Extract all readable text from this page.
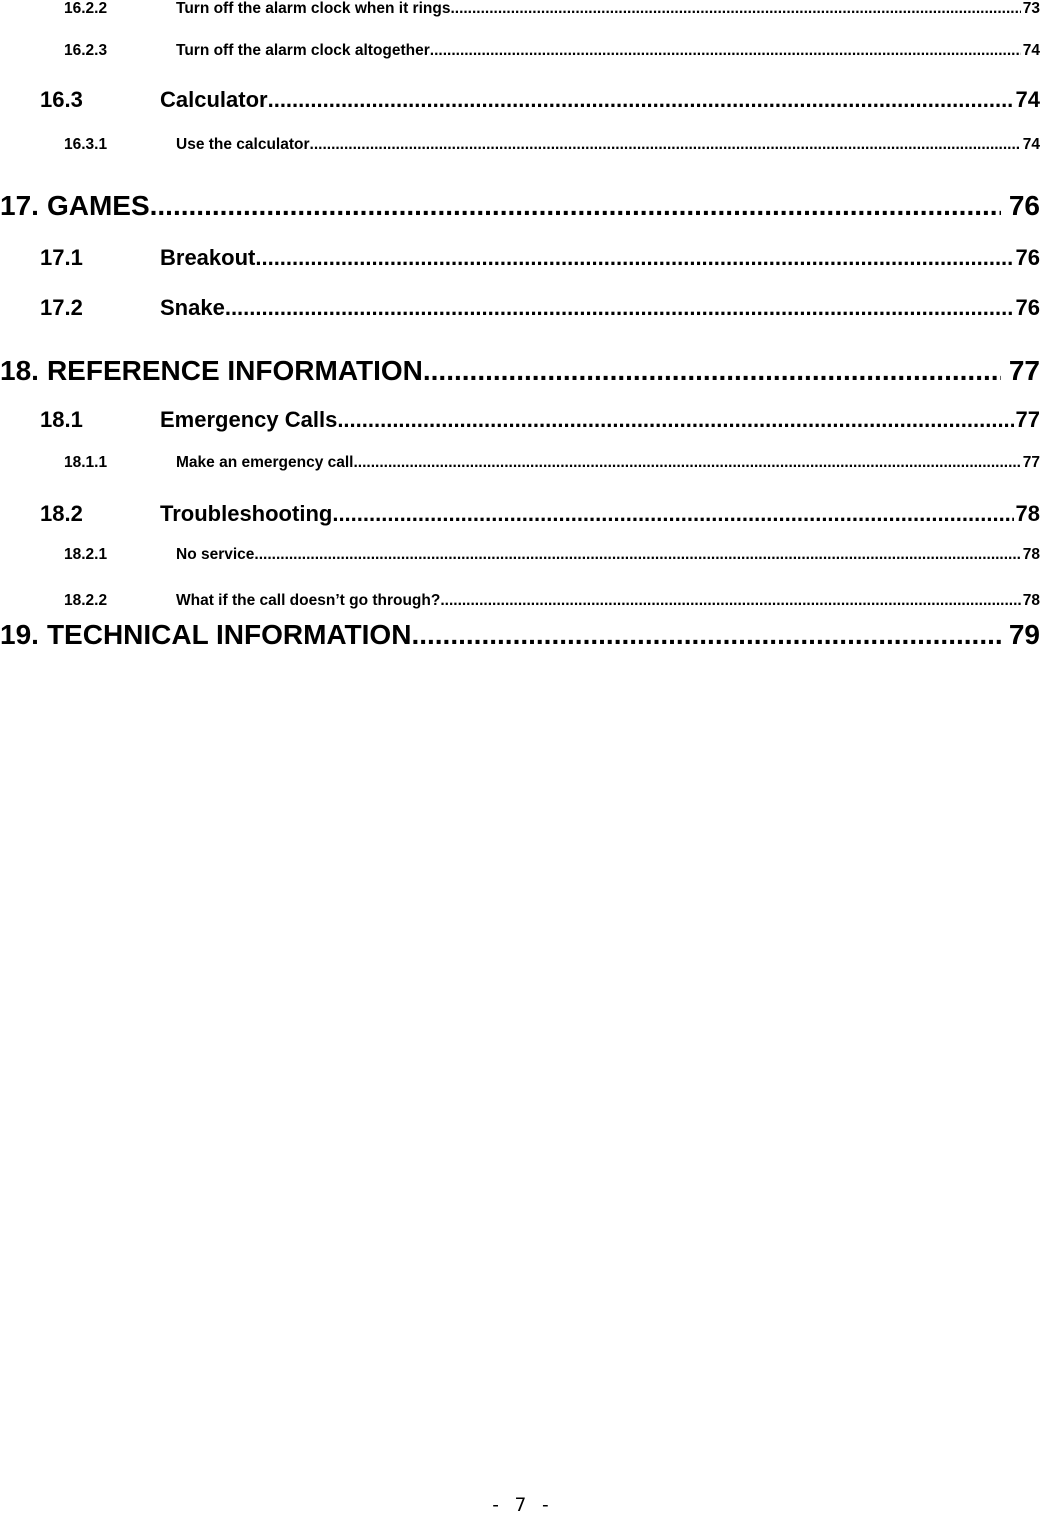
16.2.2	Turn off the alarm clock when it rings .....	73
16.2.3	Turn off the alarm clock altogether .....	74
16.3	Calculator .....	74
16.3.1	Use the calculator .....	74
17. GAMES .....	76
17.1	Breakout .....	76
17.2	Snake .....	76
18. REFERENCE INFORMATION .....	77
18.1	Emergency Calls .....	77
18.1.1	Make an emergency call .....	77
18.2	Troubleshooting .....	78
18.2.1	No service .....	78
18.2.2	What if the call doesn’t go through? .....	78
19. TECHNICAL INFORMATION .....	79
- 7 -
